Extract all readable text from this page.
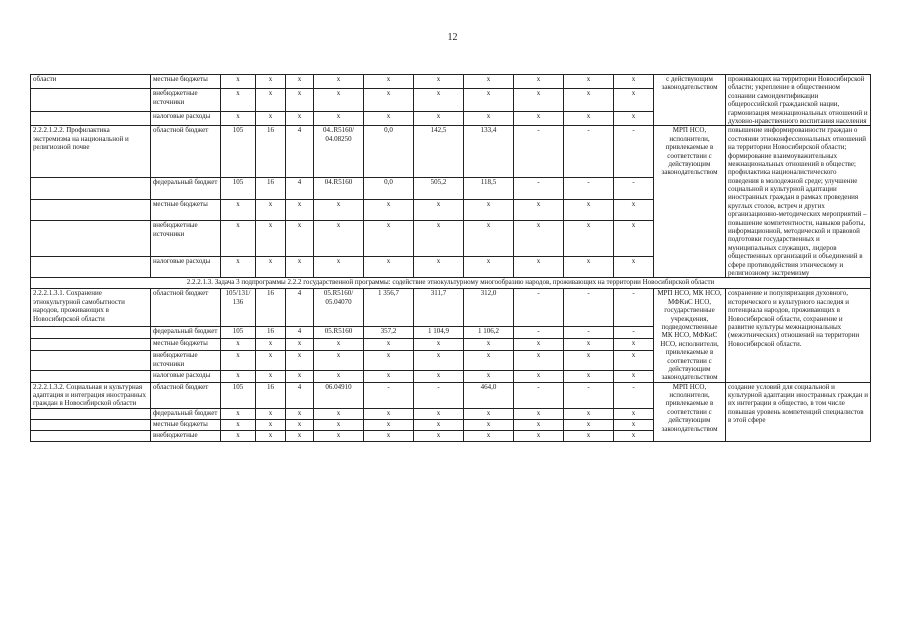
12
области	местные бюджеты	x	x	x	x	x	x	x	x	x	x	с действующим законодательством	проживающих на территории Новосибирской области; укрепление в общественном сознании самоидентификации общероссийской гражданской нации, гармонизация межнациональных отношений и духовно-нравственного воспитания населения
	внебюджетные источники	x	x	x	x	x	x	x	x	x	x		
	налоговые расходы	x	x	x	x	x	x	x	x	x	x		
2.2.2.1.2.2. Профилактика экстремизма на национальной и религиозной почве	областной бюджет	105	16	4	04..R5160/ 04.08250	0,0	142,5	133,4	-	-	-	МРП НСО, исполнители, привлекаемые в соответствии с действующим законодательством	повышение информированности граждан о состоянии этноконфессиональных отношений на территории Новосибирской области; формирование взаимоуважительных межнациональных отношений в обществе; профилактика националистического поведения в молодежной среде; улучшение социальной и культурной адаптации иностранных граждан в рамках проведения круглых столов, встреч и других организационно-методических мероприятий – повышение компетентности, навыков работы, информационной, методической и правовой подготовки государственных и муниципальных служащих, лидеров общественных организаций и объединений в сфере противодействия этническому и религиозному экстремизму
	федеральный бюджет	105	16	4	04.R5160	0,0	505,2	118,5	-	-	-		
	местные бюджеты	x	x	x	x	x	x	x	x	x	x		
	внебюджетные источники	x	x	x	x	x	x	x	x	x	x		
	налоговые расходы	x	x	x	x	x	x	x	x	x	x		
2.2.2.1.3. Задача 3 подпрограммы 2.2.2 государственной программы: содействие этнокультурному многообразию народов, проживающих на территории Новосибирской области													
2.2.2.1.3.1. Сохранение этнокультурной самобытности народов, проживающих в Новосибирской области	областной бюджет	105/131/ 136	16	4	05.R5160/ 05.04070	1 356,7	311,7	312,0	-	-	-	МРП НСО, МК НСО, МФКиС НСО, государственные учреждения, подведомственные МК НСО, МФКиС НСО, исполнители, привлекаемые в соответствии с действующим законодательством	сохранение и популяризация духовного, исторического и культурного наследия и потенциала народов, проживающих в Новосибирской области, сохранение и развитие культуры межнациональных (межэтнических) отношений на территории Новосибирской области.
	федеральный бюджет	105	16	4	05.R5160	357,2	1 104,9	1 106,2	-	-	-		
	местные бюджеты	x	x	x	x	x	x	x	x	x	x		
	внебюджетные источники	x	x	x	x	x	x	x	x	x	x		
	налоговые расходы	x	x	x	x	x	x	x	x	x	x		
2.2.2.1.3.2. Социальная и культурная адаптация и интеграция иностранных граждан в Новосибирской области	областной бюджет	105	16	4	06.04910	-	-	464,0	-	-	-	МРП НСО, исполнители, привлекаемые в соответствии с действующим законодательством	создание условий для социальной и культурной адаптации иностранных граждан и их интеграции в общество, в том числе повышая уровень компетенций специалистов в этой сфере
	федеральный бюджет	x	x	x	x	x	x	x	x	x	x		
	местные бюджеты	x	x	x	x	x	x	x	x	x	x		
	внебюджетные	x	x	x	x	x	x	x	x	x	x		
